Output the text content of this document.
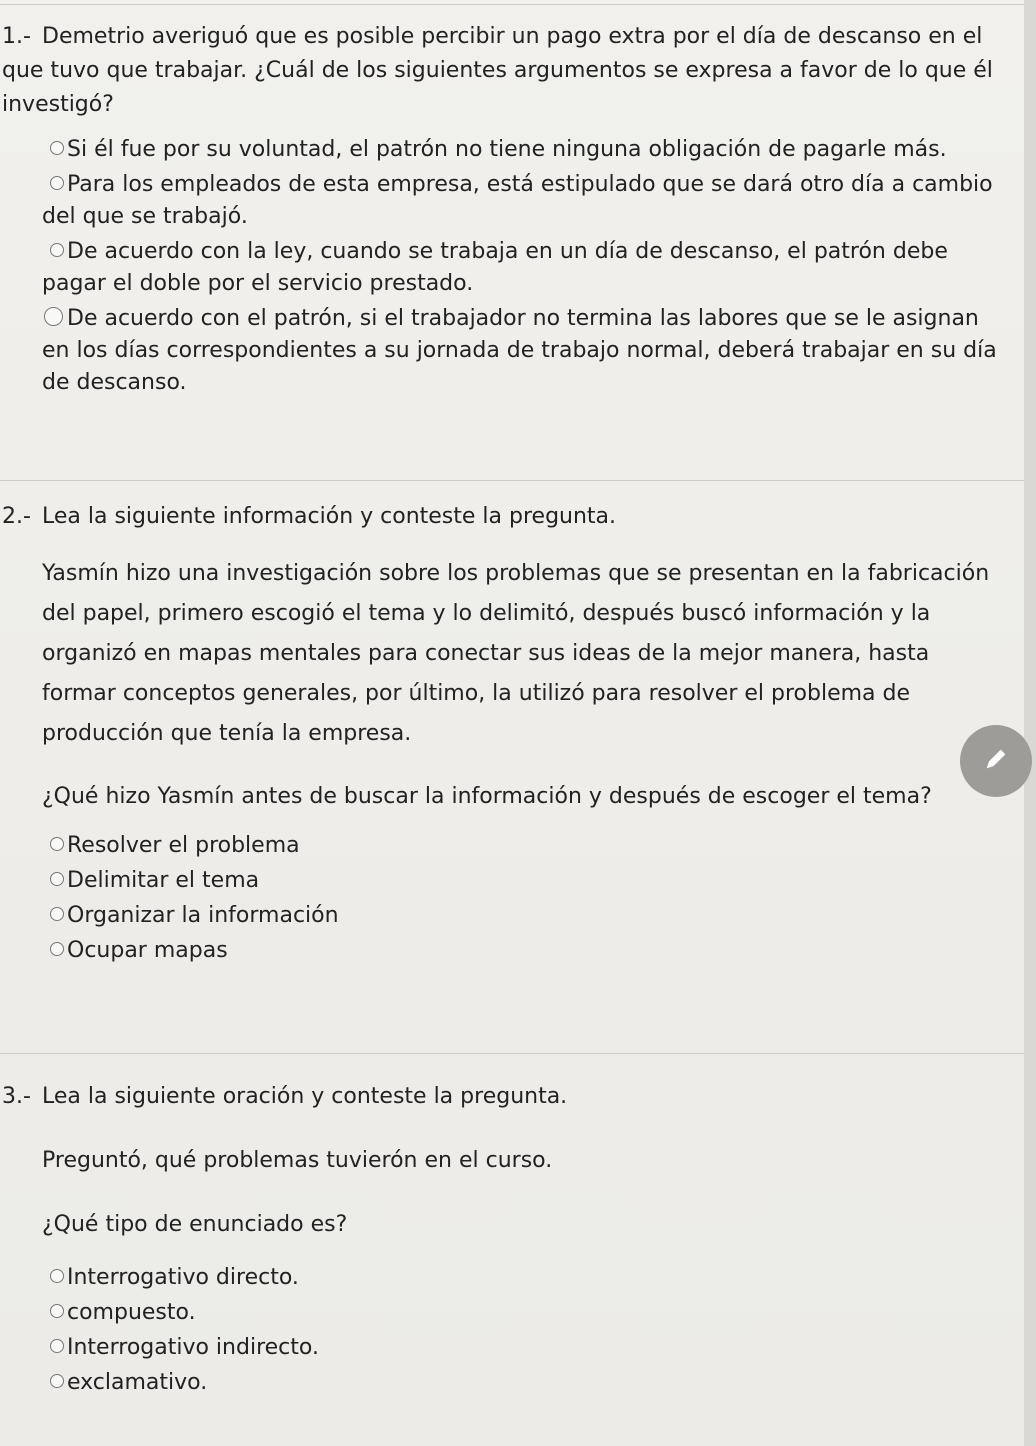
1.- Demetrio averiguó que es posible percibir un pago extra por el día de descanso en el que tuvo que trabajar. ¿Cuál de los siguientes argumentos se expresa a favor de lo que él investigó?

Si él fue por su voluntad, el patrón no tiene ninguna obligación de pagarle más.
Para los empleados de esta empresa, está estipulado que se dará otro día a cambio del que se trabajó.
De acuerdo con la ley, cuando se trabaja en un día de descanso, el patrón debe pagar el doble por el servicio prestado.
De acuerdo con el patrón, si el trabajador no termina las labores que se le asignan en los días correspondientes a su jornada de trabajo normal, deberá trabajar en su día de descanso.

2.- Lea la siguiente información y conteste la pregunta.

Yasmín hizo una investigación sobre los problemas que se presentan en la fabricación del papel, primero escogió el tema y lo delimitó, después buscó información y la organizó en mapas mentales para conectar sus ideas de la mejor manera, hasta formar conceptos generales, por último, la utilizó para resolver el problema de producción que tenía la empresa.

¿Qué hizo Yasmín antes de buscar la información y después de escoger el tema?

Resolver el problema
Delimitar el tema
Organizar la información
Ocupar mapas

3.- Lea la siguiente oración y conteste la pregunta.

Preguntó, qué problemas tuvierón en el curso.

¿Qué tipo de enunciado es?

Interrogativo directo.
compuesto.
Interrogativo indirecto.
exclamativo.
